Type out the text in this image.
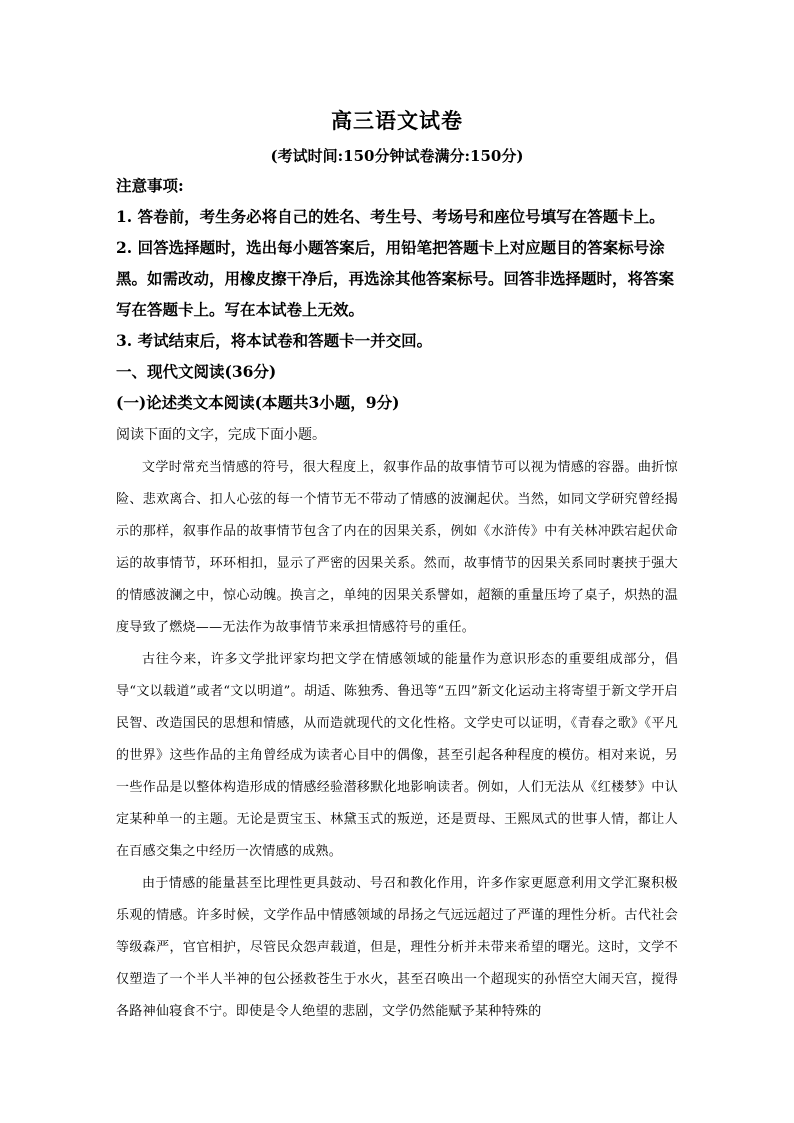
高三语文试卷
(考试时间:150分钟试卷满分:150分)
注意事项:
1. 答卷前，考生务必将自己的姓名、考生号、考场号和座位号填写在答题卡上。
2. 回答选择题时，选出每小题答案后，用铅笔把答题卡上对应题目的答案标号涂黑。如需改动，用橡皮擦干净后，再选涂其他答案标号。回答非选择题时，将答案写在答题卡上。写在本试卷上无效。
3. 考试结束后，将本试卷和答题卡一并交回。
一、现代文阅读(36分)
(一)论述类文本阅读(本题共3小题，9分)
阅读下面的文字，完成下面小题。

文学时常充当情感的符号，很大程度上，叙事作品的故事情节可以视为情感的容器。曲折惊险、悲欢离合、扣人心弦的每一个情节无不带动了情感的波澜起伏。当然，如同文学研究曾经揭示的那样，叙事作品的故事情节包含了内在的因果关系，例如《水浒传》中有关林冲跌宕起伏命运的故事情节，环环相扣，显示了严密的因果关系。然而，故事情节的因果关系同时裹挟于强大的情感波澜之中，惊心动魄。换言之，单纯的因果关系譬如，超额的重量压垮了桌子，炽热的温度导致了燃烧——无法作为故事情节来承担情感符号的重任。

古往今来，许多文学批评家均把文学在情感领域的能量作为意识形态的重要组成部分，倡导“文以载道”或者“文以明道”。胡适、陈独秀、鲁迅等“五四”新文化运动主将寄望于新文学开启民智、改造国民的思想和情感，从而造就现代的文化性格。文学史可以证明，《青春之歌》《平凡的世界》这些作品的主角曾经成为读者心目中的偶像，甚至引起各种程度的模仿。相对来说，另一些作品是以整体构造形成的情感经验潜移默化地影响读者。例如，人们无法从《红楼梦》中认定某种单一的主题。无论是贾宝玉、林黛玉式的叛逆，还是贾母、王熙凤式的世事人情，都让人在百感交集之中经历一次情感的成熟。

由于情感的能量甚至比理性更具鼓动、号召和教化作用，许多作家更愿意利用文学汇聚积极乐观的情感。许多时候，文学作品中情感领域的昂扬之气远远超过了严谨的理性分析。古代社会等级森严，官官相护，尽管民众怨声载道，但是，理性分析并未带来希望的曙光。这时，文学不仅塑造了一个半人半神的包公拯救苍生于水火，甚至召唤出一个超现实的孙悟空大闹天宫，搅得各路神仙寝食不宁。即使是令人绝望的悲剧，文学仍然能赋予某种特殊的
